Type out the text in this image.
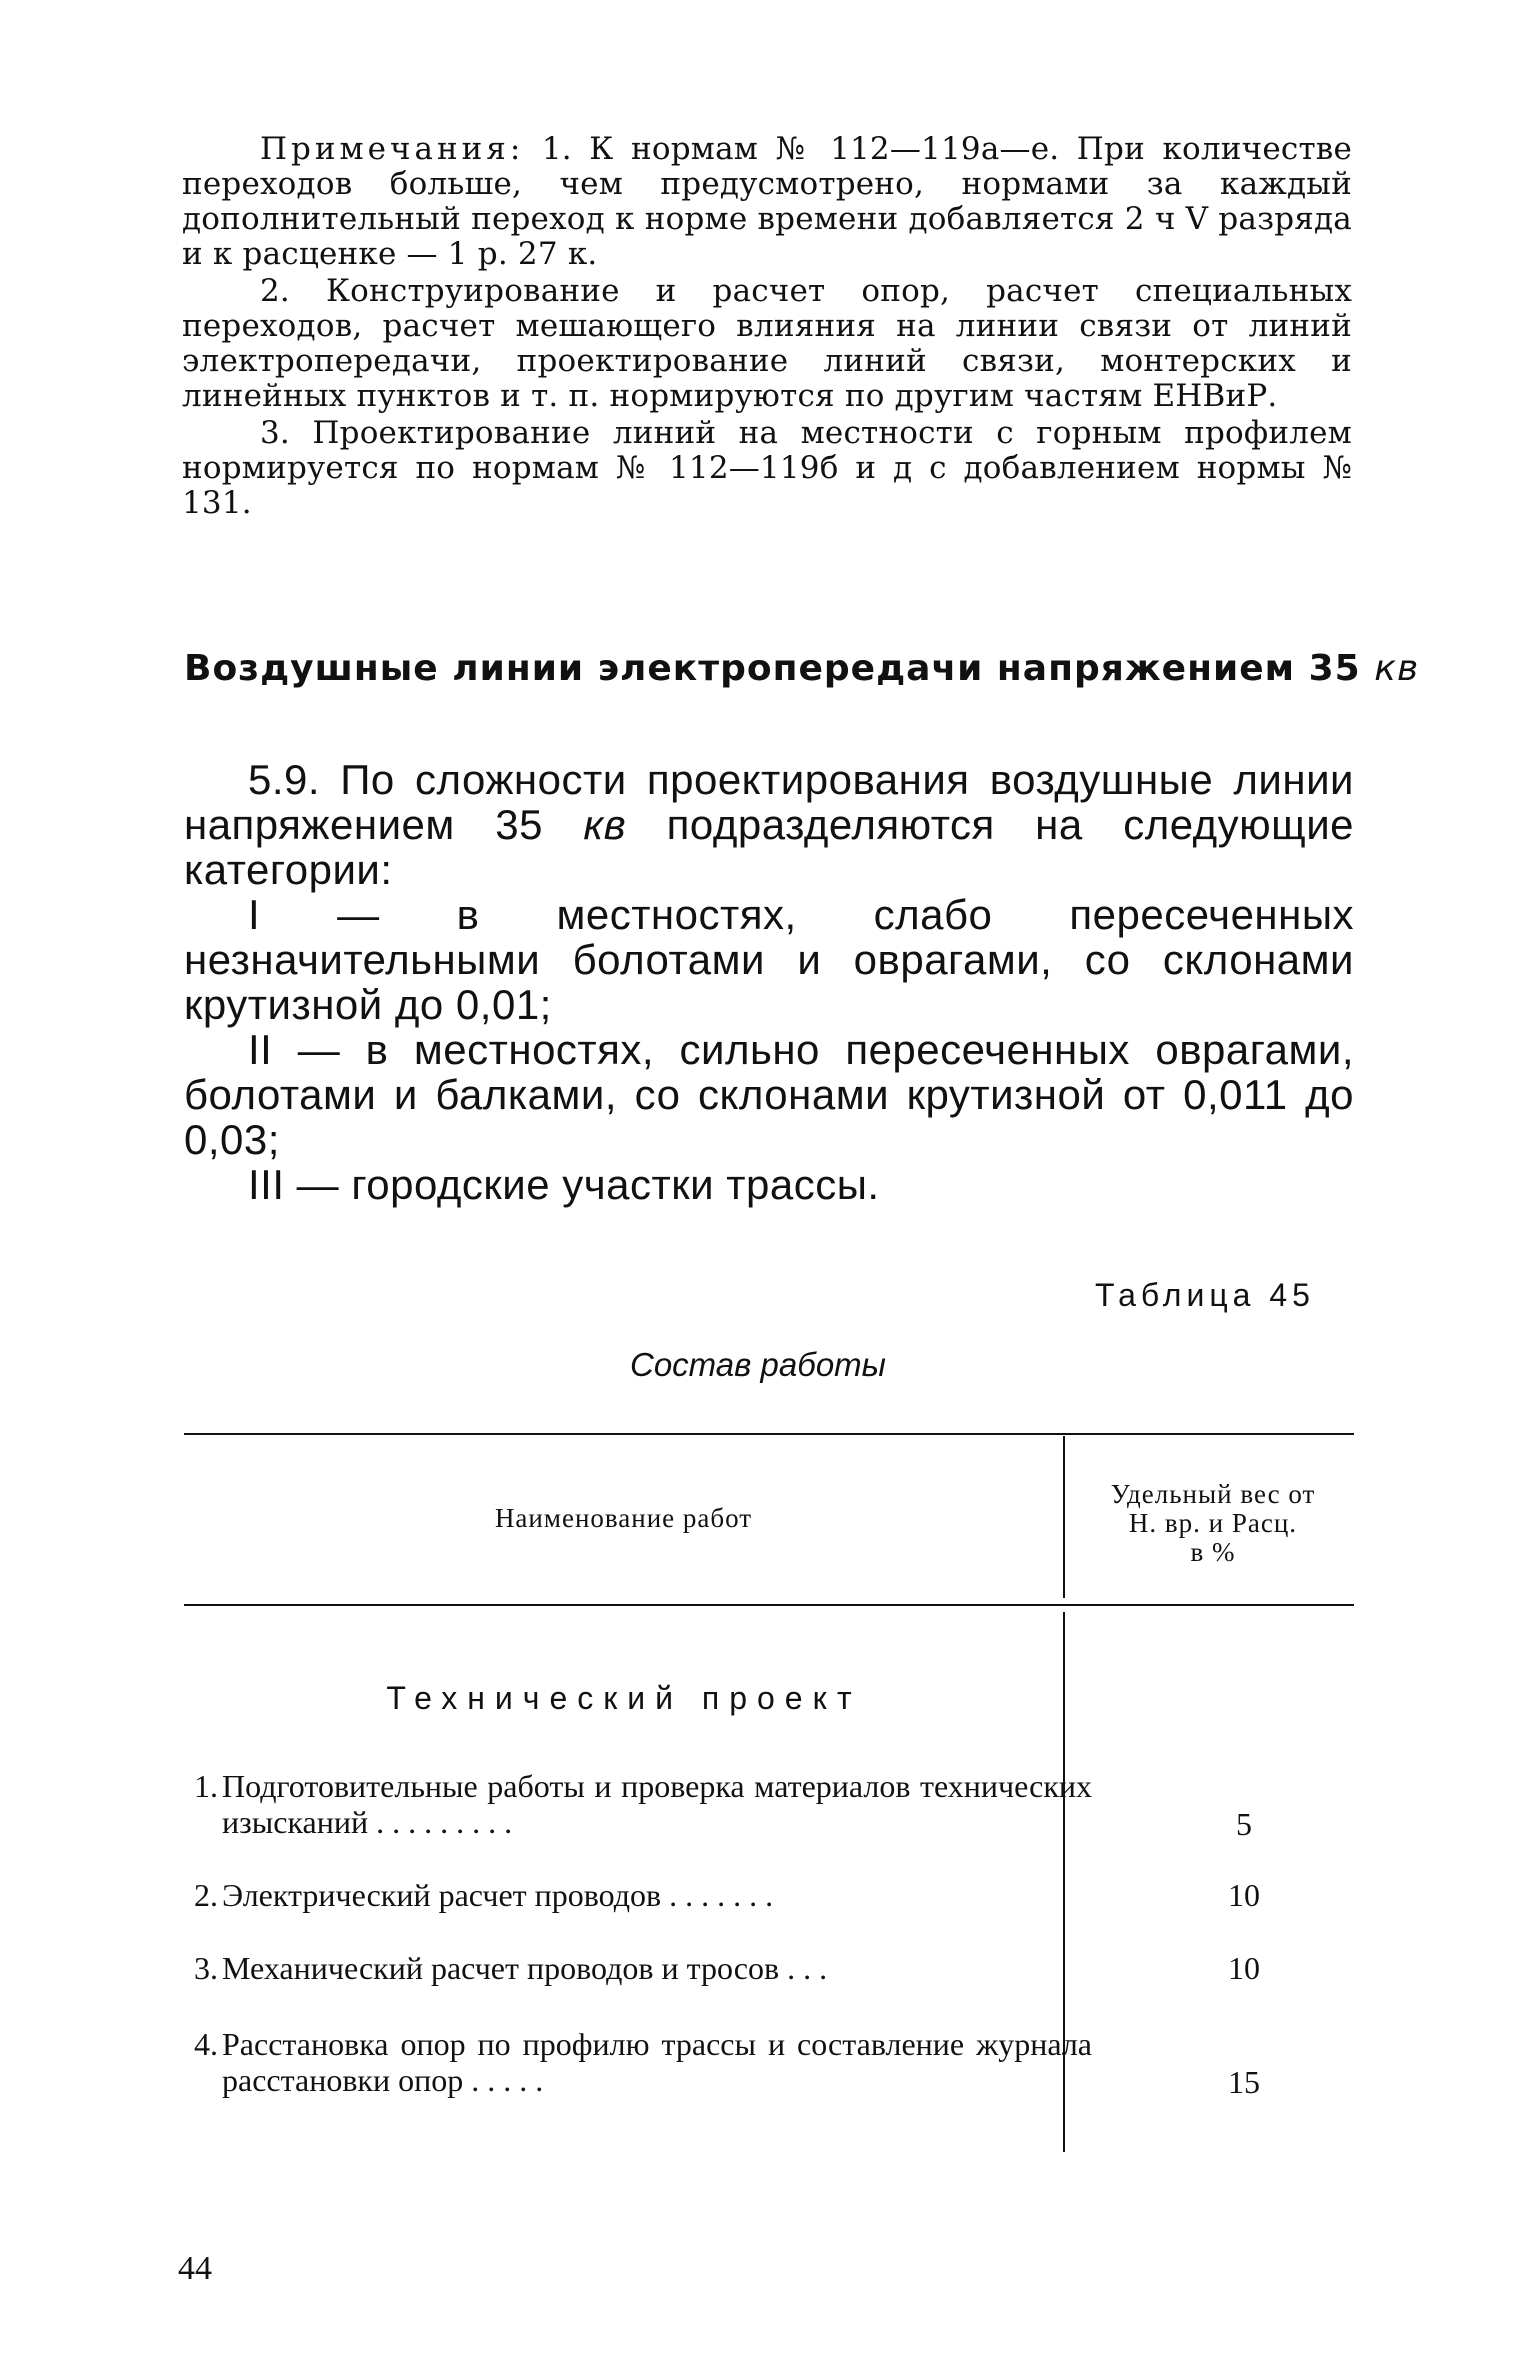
Примечания: 1. К нормам № 112—119а—е. При количестве переходов больше, чем предусмотрено, нормами за каждый дополнительный переход к норме времени добавляется 2 ч V разряда и к расценке — 1 р. 27 к.

2. Конструирование и расчет опор, расчет специальных переходов, расчет мешающего влияния на линии связи от линий электропередачи, проектирование линий связи, монтерских и линейных пунктов и т. п. нормируются по другим частям ЕНВиР.

3. Проектирование линий на местности с горным профилем нормируется по нормам № 112—119б и д с добавлением нормы № 131.

Воздушные линии электропередачи напряжением 35 кв

5.9. По сложности проектирования воздушные линии напряжением 35 кв подразделяются на следующие категории:

I — в местностях, слабо пересеченных незначительными болотами и оврагами, со склонами крутизной до 0,01;

II — в местностях, сильно пересеченных оврагами, болотами и балками, со склонами крутизной от 0,011 до 0,03;

III — городские участки трассы.

Таблица 45
Состав работы
Наименование работ
Удельный вес от
Н. вр. и Расц.
в %
Технический проект
1. Подготовительные работы и проверка материалов технических изысканий . . . . . . . . .	5
2. Электрический расчет проводов . . . . . . .	10
3. Механический расчет проводов и тросов . . .	10
4. Расстановка опор по профилю трассы и составление журнала расстановки опор . . . . .	15
44
